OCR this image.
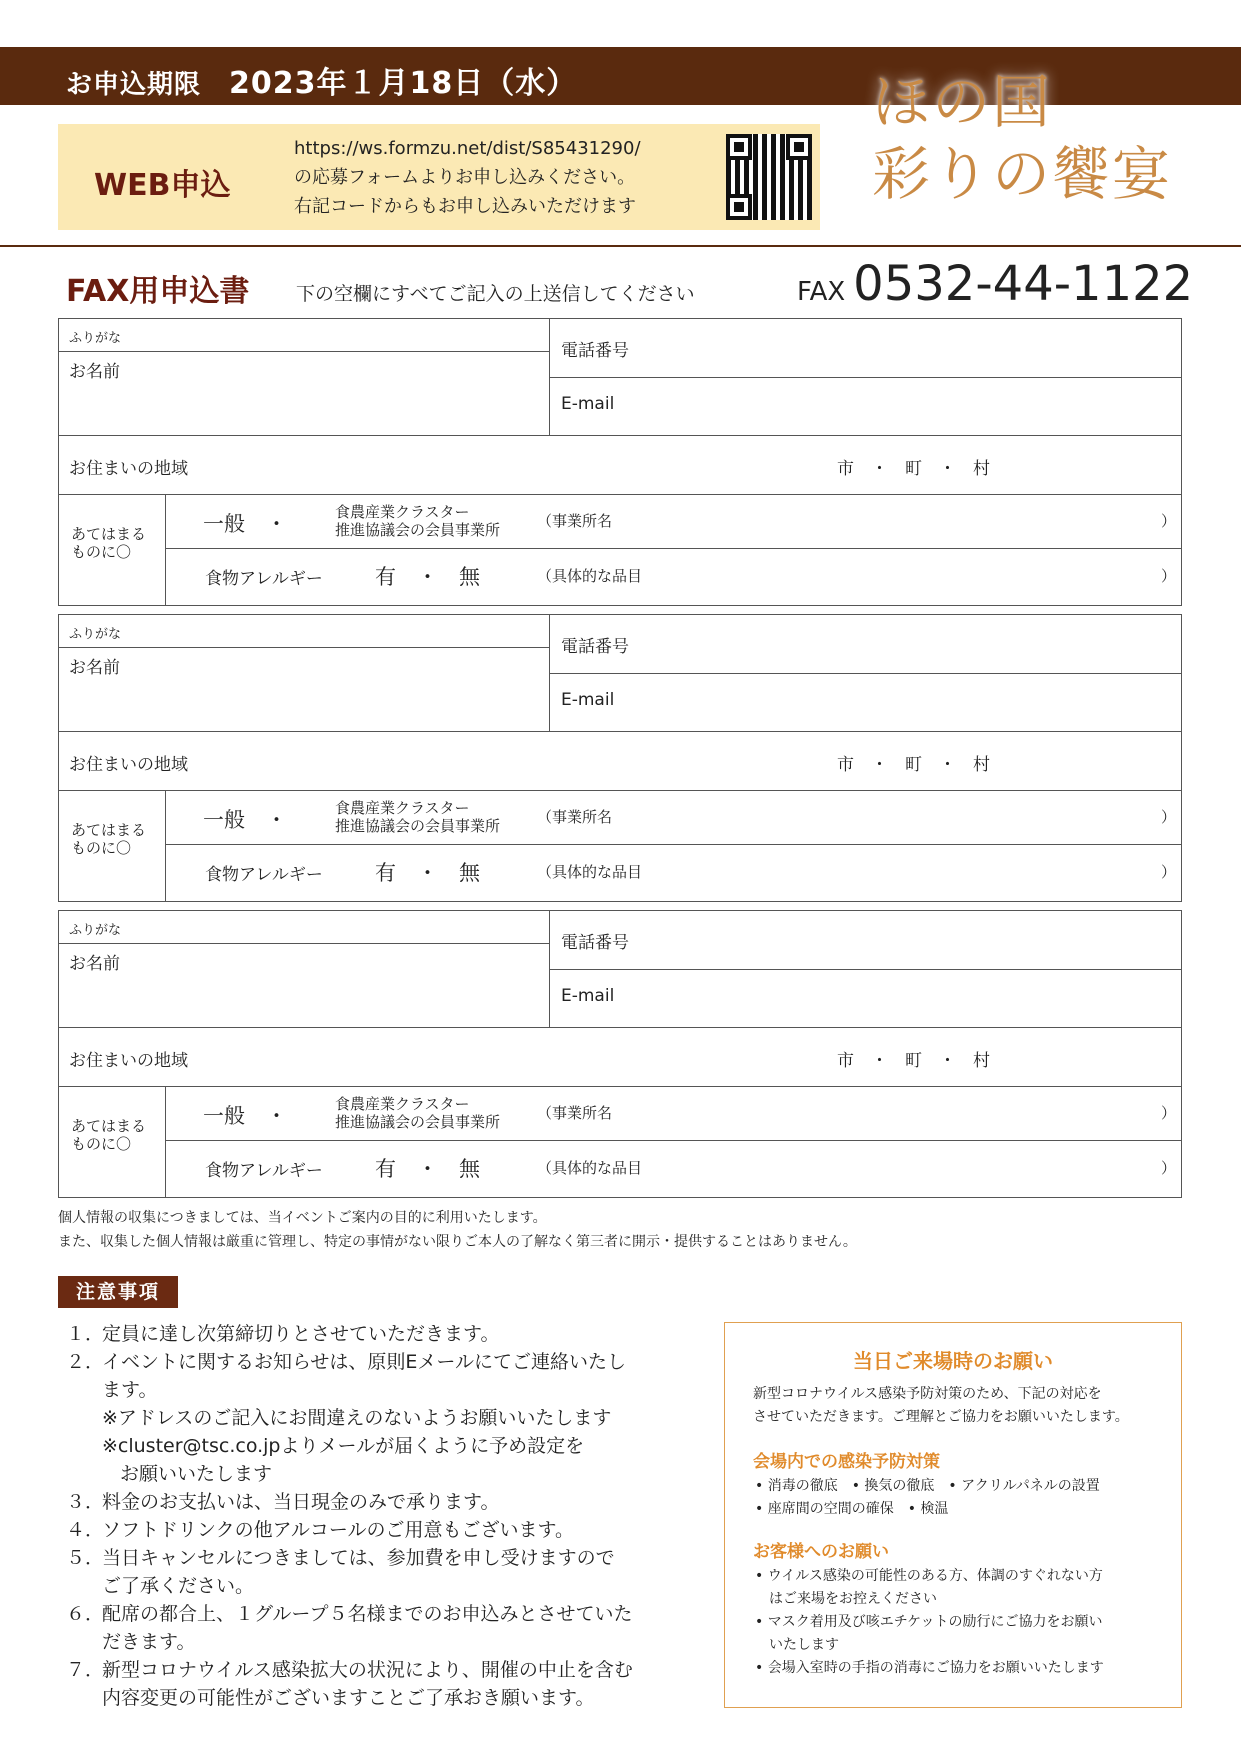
お申込期限 2023年１月18日（水）	ほの国
彩りの饗宴
WEB申込
https://ws.formzu.net/dist/S85431290/
の応募フォームよりお申し込みください。
右記コードからもお申し込みいただけます
FAX用申込書 下の空欄にすべてご記入の上送信してください	FAX 0532-44-1122
ふりがな
お名前
電話番号
E-mail
お住まいの地域	市　・　町　・　村
あてはまる
ものに〇
一般　・	食農産業クラスター
推進協議会の会員事業所 （事業所名	）
食物アレルギー 有　・　無	（具体的な品目	）
ふりがな
お名前
電話番号
E-mail
お住まいの地域	市　・　町　・　村
あてはまる
ものに〇
一般　・	食農産業クラスター
推進協議会の会員事業所 （事業所名	）
食物アレルギー 有　・　無	（具体的な品目	）
ふりがな
お名前
電話番号
E-mail
お住まいの地域	市　・　町　・　村
あてはまる
ものに〇
一般　・	食農産業クラスター
推進協議会の会員事業所 （事業所名	）
食物アレルギー 有　・　無	（具体的な品目	）
個人情報の収集につきましては、当イベントご案内の目的に利用いたします。
また、収集した個人情報は厳重に管理し、特定の事情がない限りご本人の了解なく第三者に開示・提供することはありません。
注意事項
１．
定員に達し次第締切りとさせていただきます。
２．
イベントに関するお知らせは、原則Eメールにてご連絡いたし
ます。
※アドレスのご記入にお間違えのないようお願いいたします
※cluster@tsc.co.jpよりメールが届くように予め設定を
お願いいたします
３．
料金のお支払いは、当日現金のみで承ります。
４．
ソフトドリンクの他アルコールのご用意もございます。
５．
当日キャンセルにつきましては、参加費を申し受けますので
ご了承ください。
６．
配席の都合上、１グループ５名様までのお申込みとさせていた
だきます。
７．
新型コロナウイルス感染拡大の状況により、開催の中止を含む
内容変更の可能性がございますことご了承おき願います。
当日ご来場時のお願い
新型コロナウイルス感染予防対策のため、下記の対応を
させていただきます。ご理解とご協力をお願いいたします。
会場内での感染予防対策
• 消毒の徹底　• 換気の徹底　• アクリルパネルの設置
• 座席間の空間の確保　• 検温
お客様へのお願い
• ウイルス感染の可能性のある方、体調のすぐれない方
　はご来場をお控えください
• マスク着用及び咳エチケットの励行にご協力をお願い
　いたします
• 会場入室時の手指の消毒にご協力をお願いいたします
